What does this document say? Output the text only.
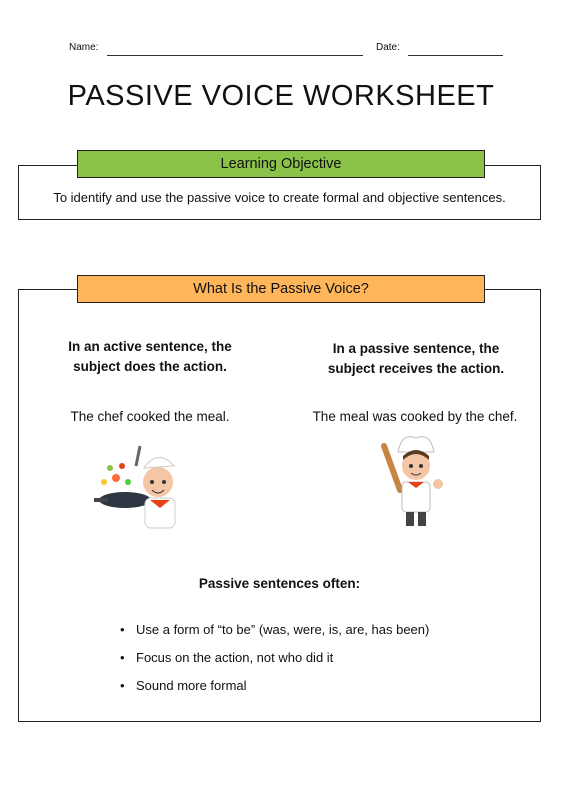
Name:	Date:
PASSIVE VOICE WORKSHEET
Learning Objective
To identify and use the passive voice to create formal and objective sentences.
What Is the Passive Voice?
In an active sentence, the subject does the action.
In a passive sentence, the subject receives the action.
The chef cooked the meal.	The meal was cooked by the chef.
Passive sentences often:
• Use a form of “to be” (was, were, is, are, has been)
• Focus on the action, not who did it
• Sound more formal
